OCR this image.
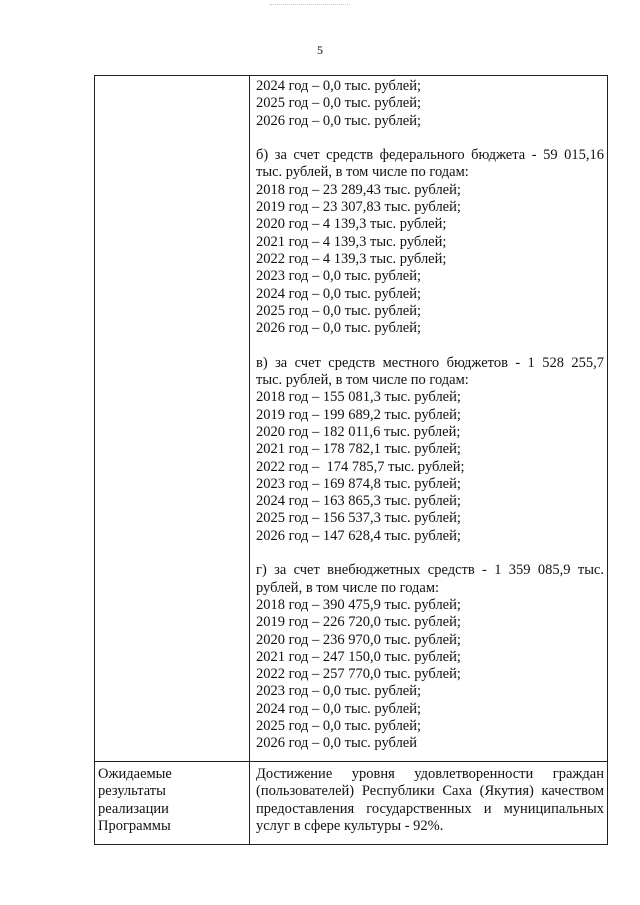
5
2024 год – 0,0 тыс. рублей;
2025 год – 0,0 тыс. рублей;
2026 год – 0,0 тыс. рублей;
б) за счет средств федерального бюджета - 59 015,16
тыс. рублей, в том числе по годам:
2018 год – 23 289,43 тыс. рублей;
2019 год – 23 307,83 тыс. рублей;
2020 год – 4 139,3 тыс. рублей;
2021 год – 4 139,3 тыс. рублей;
2022 год – 4 139,3 тыс. рублей;
2023 год – 0,0 тыс. рублей;
2024 год – 0,0 тыс. рублей;
2025 год – 0,0 тыс. рублей;
2026 год – 0,0 тыс. рублей;
в) за счет средств местного бюджетов - 1 528 255,7
тыс. рублей, в том числе по годам:
2018 год – 155 081,3 тыс. рублей;
2019 год – 199 689,2 тыс. рублей;
2020 год – 182 011,6 тыс. рублей;
2021 год – 178 782,1 тыс. рублей;
2022 год –  174 785,7 тыс. рублей;
2023 год – 169 874,8 тыс. рублей;
2024 год – 163 865,3 тыс. рублей;
2025 год – 156 537,3 тыс. рублей;
2026 год – 147 628,4 тыс. рублей;
г) за счет внебюджетных средств - 1 359 085,9 тыс.
рублей, в том числе по годам:
2018 год – 390 475,9 тыс. рублей;
2019 год – 226 720,0 тыс. рублей;
2020 год – 236 970,0 тыс. рублей;
2021 год – 247 150,0 тыс. рублей;
2022 год – 257 770,0 тыс. рублей;
2023 год – 0,0 тыс. рублей;
2024 год – 0,0 тыс. рублей;
2025 год – 0,0 тыс. рублей;
2026 год – 0,0 тыс. рублей
Ожидаемые
результаты
реализации
Программы
Достижение уровня удовлетворенности граждан
(пользователей) Республики Саха (Якутия) качеством
предоставления государственных и муниципальных
услуг в сфере культуры - 92%.
